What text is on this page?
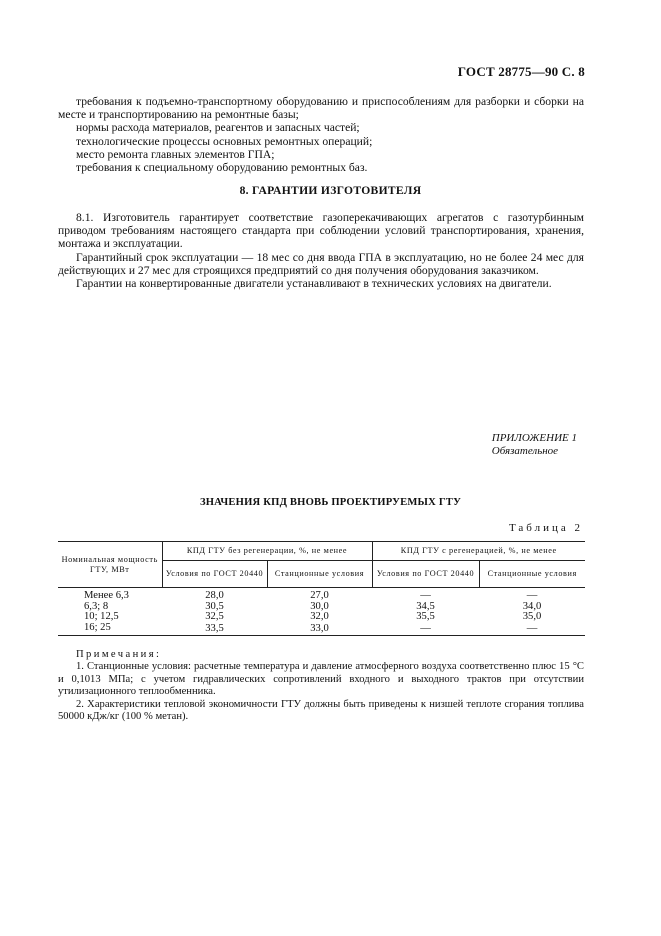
ГОСТ 28775—90 С. 8

требования к подъемно-транспортному оборудованию и приспособлениям для разборки и сборки на месте и транспортированию на ремонтные базы;

нормы расхода материалов, реагентов и запасных частей;

технологические процессы основных ремонтных операций;

место ремонта главных элементов ГПА;

требования к специальному оборудованию ремонтных баз.

8. ГАРАНТИИ ИЗГОТОВИТЕЛЯ

8.1. Изготовитель гарантирует соответствие газоперекачивающих агрегатов с газотурбинным приводом требованиям настоящего стандарта при соблюдении условий транспортирования, хранения, монтажа и эксплуатации.

Гарантийный срок эксплуатации — 18 мес со дня ввода ГПА в эксплуатацию, но не более 24 мес для действующих и 27 мес для строящихся предприятий со дня получения оборудования заказчиком.

Гарантии на конвертированные двигатели устанавливают в технических условиях на двигатели.

ПРИЛОЖЕНИЕ 1
Обязательное
ЗНАЧЕНИЯ КПД ВНОВЬ ПРОЕКТИРУЕМЫХ ГТУ
Таблица 2
Номинальная мощность ГТУ, МВт	КПД ГТУ без регенерации, %, не менее		КПД ГТУ с регенерацией, %, не менее	
	Условия по ГОСТ 20440	Станционные условия	Условия по ГОСТ 20440	Станционные условия
Менее 6,3	28,0	27,0	—	—
6,3; 8	30,5	30,0	34,5	34,0
10; 12,5	32,5	32,0	35,5	35,0
16; 25	33,5	33,0	—	—

Примечания:

1. Станционные условия: расчетные температура и давление атмосферного воздуха соответственно плюс 15 °С и 0,1013 МПа; с учетом гидравлических сопротивлений входного и выходного трактов при отсутствии утилизационного теплообменника.

2. Характеристики тепловой экономичности ГТУ должны быть приведены к низшей теплоте сгорания топлива 50000 кДж/кг (100 % метан).
